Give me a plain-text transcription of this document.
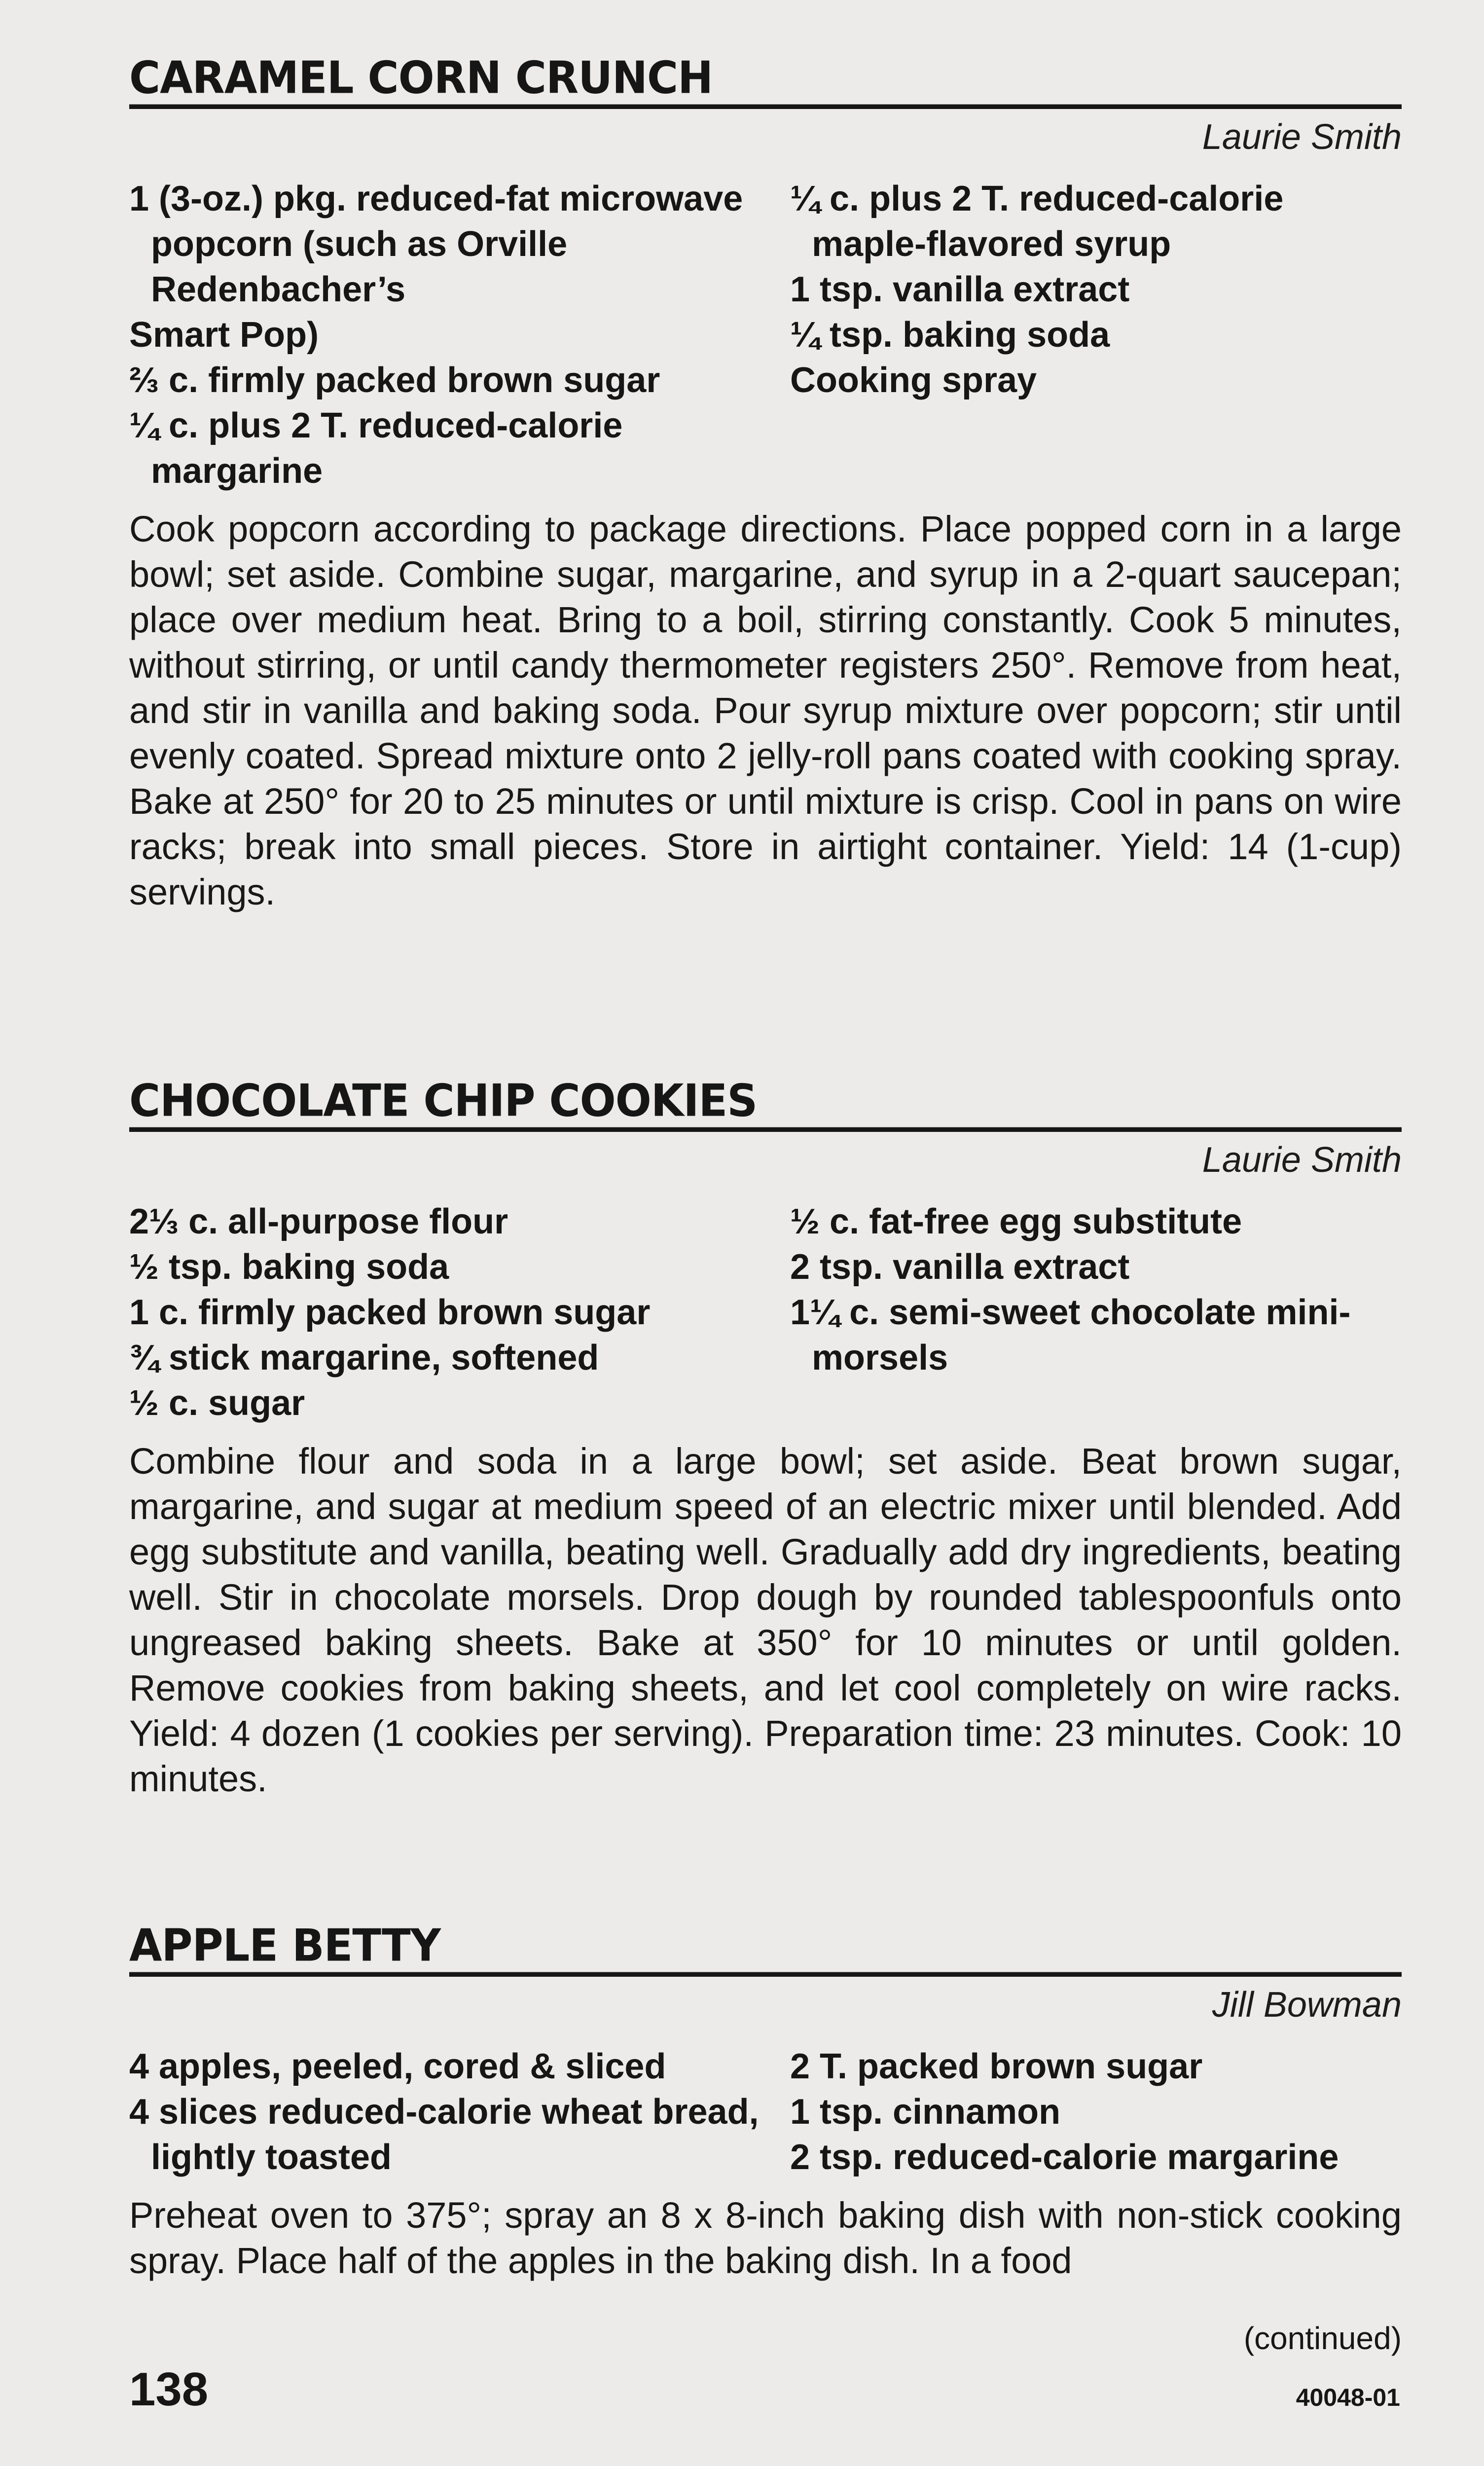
CARAMEL CORN CRUNCH
Laurie Smith
1 (3-oz.) pkg. reduced-fat microwave popcorn (such as Orville Redenbacher’s
Smart Pop)
⅔ c. firmly packed brown sugar
¼ c. plus 2 T. reduced-calorie margarine
¼ c. plus 2 T. reduced-calorie maple-flavored syrup
1 tsp. vanilla extract
¼ tsp. baking soda
Cooking spray

Cook popcorn according to package directions. Place popped corn in a large bowl; set aside. Combine sugar, margarine, and syrup in a 2-quart saucepan; place over medium heat. Bring to a boil, stirring constantly. Cook 5 minutes, without stirring, or until candy thermometer registers 250°. Remove from heat, and stir in vanilla and baking soda. Pour syrup mixture over popcorn; stir until evenly coated. Spread mixture onto 2 jelly-roll pans coated with cooking spray. Bake at 250° for 20 to 25 minutes or until mixture is crisp. Cool in pans on wire racks; break into small pieces. Store in airtight container. Yield: 14 (1-cup) servings.

CHOCOLATE CHIP COOKIES
Laurie Smith
2⅓ c. all-purpose flour
½ tsp. baking soda
1 c. firmly packed brown sugar
¾ stick margarine, softened
½ c. sugar
½ c. fat-free egg substitute
2 tsp. vanilla extract
1¼ c. semi-sweet chocolate mini-morsels

Combine flour and soda in a large bowl; set aside. Beat brown sugar, margarine, and sugar at medium speed of an electric mixer until blended. Add egg substitute and vanilla, beating well. Gradually add dry ingredients, beating well. Stir in chocolate morsels. Drop dough by rounded tablespoonfuls onto ungreased baking sheets. Bake at 350° for 10 minutes or until golden. Remove cookies from baking sheets, and let cool completely on wire racks. Yield: 4 dozen (1 cookies per serving). Preparation time: 23 minutes. Cook: 10 minutes.

APPLE BETTY
Jill Bowman
4 apples, peeled, cored & sliced
4 slices reduced-calorie wheat bread, lightly toasted
2 T. packed brown sugar
1 tsp. cinnamon
2 tsp. reduced-calorie margarine

Preheat oven to 375°; spray an 8 x 8-inch baking dish with non-stick cooking spray. Place half of the apples in the baking dish. In a food

(continued)
138	40048-01
